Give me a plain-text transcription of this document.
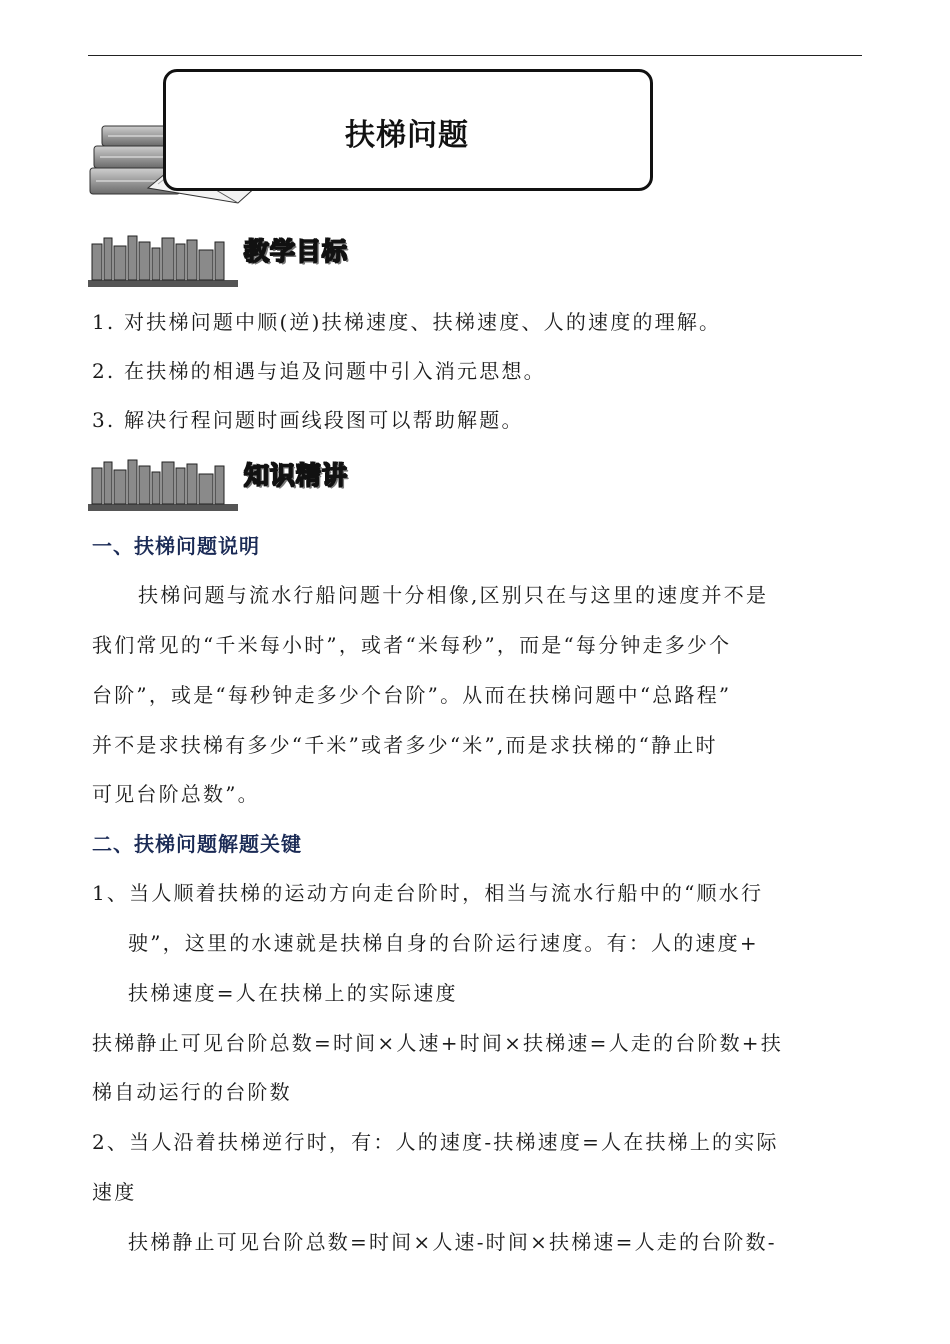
扶梯问题
教学目标
1. 对扶梯问题中顺(逆)扶梯速度、扶梯速度、人的速度的理解。
2. 在扶梯的相遇与追及问题中引入消元思想。
3. 解决行程问题时画线段图可以帮助解题。
知识精讲
一、扶梯问题说明
扶梯问题与流水行船问题十分相像,区别只在与这里的速度并不是
我们常见的“千米每小时”，或者“米每秒”，而是“每分钟走多少个
台阶”，或是“每秒钟走多少个台阶”。从而在扶梯问题中“总路程”
并不是求扶梯有多少“千米”或者多少“米”,而是求扶梯的“静止时
可见台阶总数”。
二、扶梯问题解题关键
1、当人顺着扶梯的运动方向走台阶时，相当与流水行船中的“顺水行
驶”，这里的水速就是扶梯自身的台阶运行速度。有：人的速度+
扶梯速度=人在扶梯上的实际速度
扶梯静止可见台阶总数=时间×人速+时间×扶梯速=人走的台阶数+扶
梯自动运行的台阶数
2、当人沿着扶梯逆行时，有：人的速度-扶梯速度=人在扶梯上的实际
速度
扶梯静止可见台阶总数=时间×人速-时间×扶梯速=人走的台阶数-
